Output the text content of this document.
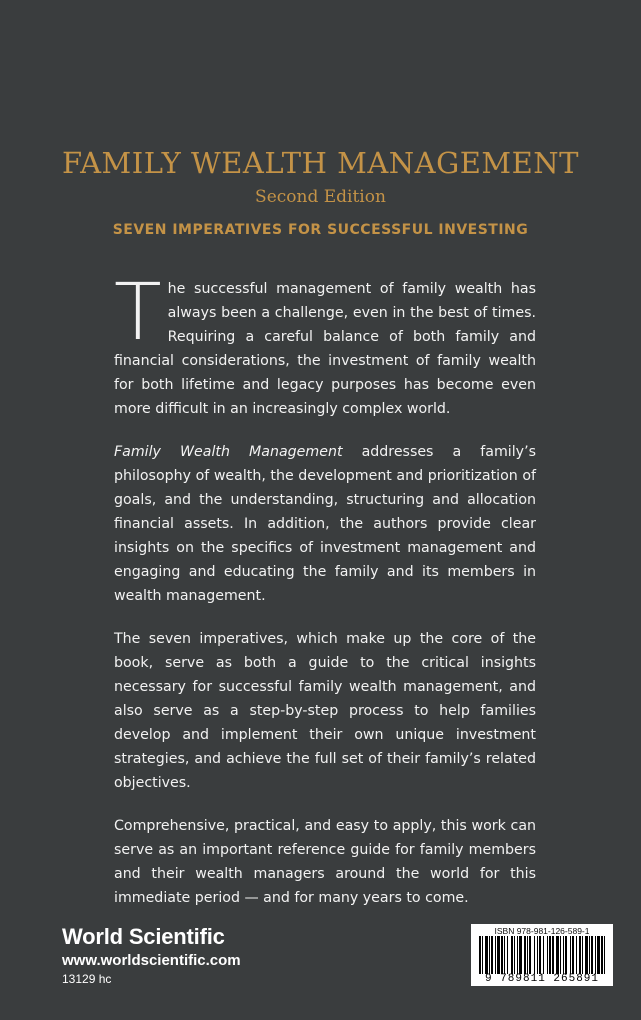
FAMILY WEALTH MANAGEMENT
Second Edition
SEVEN IMPERATIVES FOR SUCCESSFUL INVESTING

The successful management of family wealth has always been a challenge, even in the best of times. Requiring a careful balance of both family and financial considerations, the investment of family wealth for both lifetime and legacy purposes has become even more difficult in an increasingly complex world.

Family Wealth Management addresses a family’s philosophy of wealth, the development and prioritization of goals, and the understanding, structuring and allocation financial assets. In addition, the authors provide clear insights on the specifics of investment management and engaging and educating the family and its members in wealth management.

The seven imperatives, which make up the core of the book, serve as both a guide to the critical insights necessary for successful family wealth management, and also serve as a step-by-step process to help families develop and implement their own unique investment strategies, and achieve the full set of their family’s related objectives.

Comprehensive, practical, and easy to apply, this work can serve as an important reference guide for family members and their wealth managers around the world for this immediate period — and for many years to come.

World Scientific
www.worldscientific.com
13129 hc
ISBN 978-981-126-589-1
9 789811 265891
